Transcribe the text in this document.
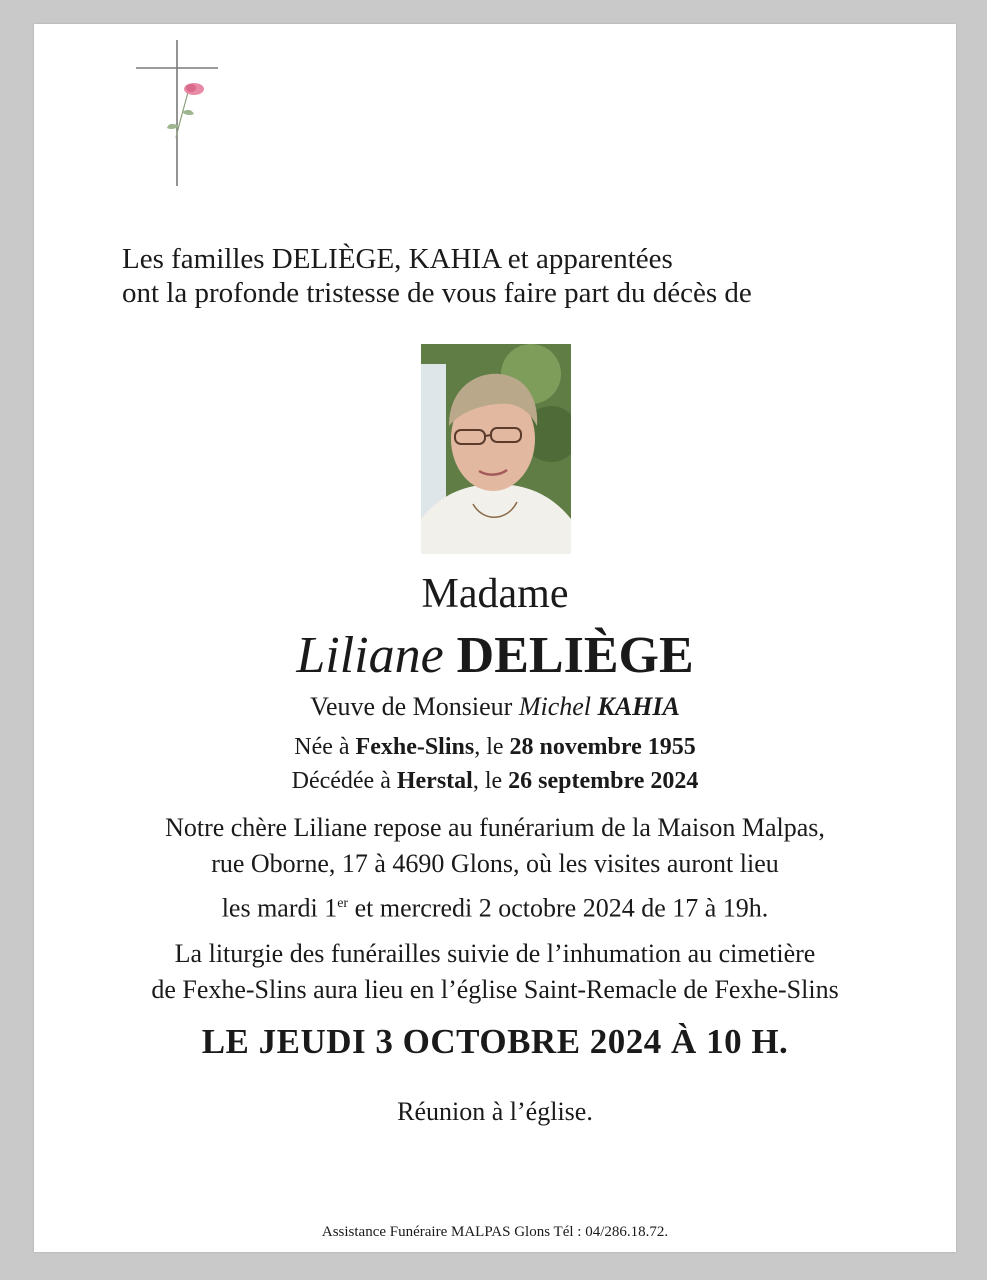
Les familles DELIÈGE, KAHIA et apparentées
ont la profonde tristesse de vous faire part du décès de
Madame
Liliane DELIÈGE
Veuve de Monsieur Michel KAHIA
Née à Fexhe-Slins, le 28 novembre 1955
Décédée à Herstal, le 26 septembre 2024
Notre chère Liliane repose au funérarium de la Maison Malpas,
rue Oborne, 17 à 4690 Glons, où les visites auront lieu
les mardi 1er et mercredi 2 octobre 2024 de 17 à 19h.
La liturgie des funérailles suivie de l’inhumation au cimetière
de Fexhe-Slins aura lieu en l’église Saint-Remacle de Fexhe-Slins
LE JEUDI 3 OCTOBRE 2024 À 10 H.
Réunion à l’église.
Assistance Funéraire MALPAS Glons Tél : 04/286.18.72.
